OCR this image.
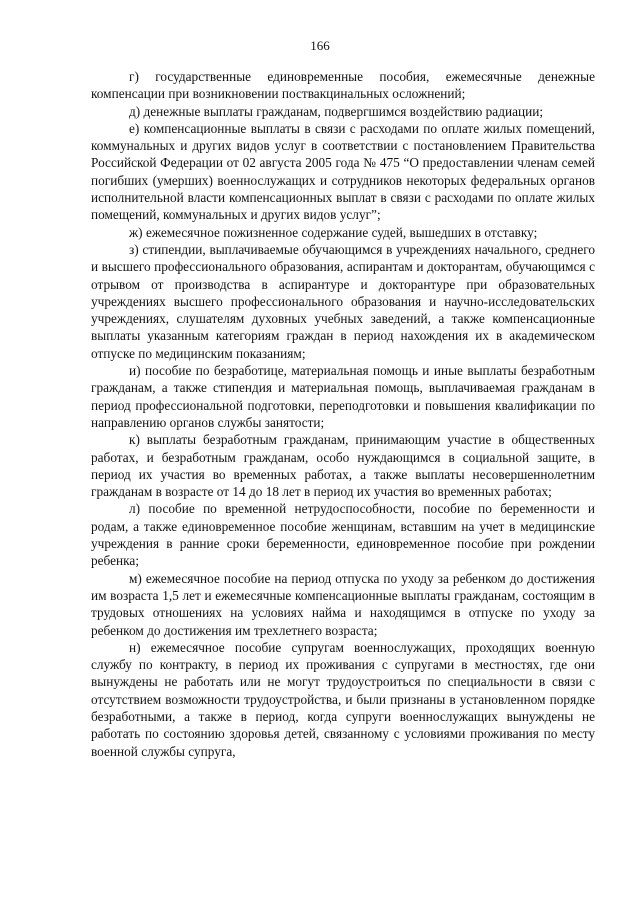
166

г) государственные единовременные пособия, ежемесячные денежные компенсации при возникновении поствакцинальных осложнений;

д) денежные выплаты гражданам, подвергшимся воздействию радиации;

е) компенсационные выплаты в связи с расходами по оплате жилых помещений, коммунальных и других видов услуг в соответствии с постановлением Правительства Российской Федерации от 02 августа 2005 года № 475 “О предоставлении членам семей погибших (умерших) военнослужащих и сотрудников некоторых федеральных органов исполнительной власти компенсационных выплат в связи с расходами по оплате жилых помещений, коммунальных и других видов услуг”;

ж) ежемесячное пожизненное содержание судей, вышедших в отставку;

з) стипендии, выплачиваемые обучающимся в учреждениях начального, среднего и высшего профессионального образования, аспирантам и докторантам, обучающимся с отрывом от производства в аспирантуре и докторантуре при образовательных учреждениях высшего профессионального образования и научно-исследовательских учреждениях, слушателям духовных учебных заведений, а также компенсационные выплаты указанным категориям граждан в период нахождения их в академическом отпуске по медицинским показаниям;

и) пособие по безработице, материальная помощь и иные выплаты безработным гражданам, а также стипендия и материальная помощь, выплачиваемая гражданам в период профессиональной подготовки, переподготовки и повышения квалификации по направлению органов службы занятости;

к) выплаты безработным гражданам, принимающим участие в общественных работах, и безработным гражданам, особо нуждающимся в социальной защите, в период их участия во временных работах, а также выплаты несовершеннолетним гражданам в возрасте от 14 до 18 лет в период их участия во временных работах;

л) пособие по временной нетрудоспособности, пособие по беременности и родам, а также единовременное пособие женщинам, вставшим на учет в медицинские учреждения в ранние сроки беременности, единовременное пособие при рождении ребенка;

м) ежемесячное пособие на период отпуска по уходу за ребенком до достижения им возраста 1,5 лет и ежемесячные компенсационные выплаты гражданам, состоящим в трудовых отношениях на условиях найма и находящимся в отпуске по уходу за ребенком до достижения им трехлетнего возраста;

н) ежемесячное пособие супругам военнослужащих, проходящих военную службу по контракту, в период их проживания с супругами в местностях, где они вынуждены не работать или не могут трудоустроиться по специальности в связи с отсутствием возможности трудоустройства, и были признаны в установленном порядке безработными, а также в период, когда супруги военнослужащих вынуждены не работать по состоянию здоровья детей, связанному с условиями проживания по месту военной службы супруга,
